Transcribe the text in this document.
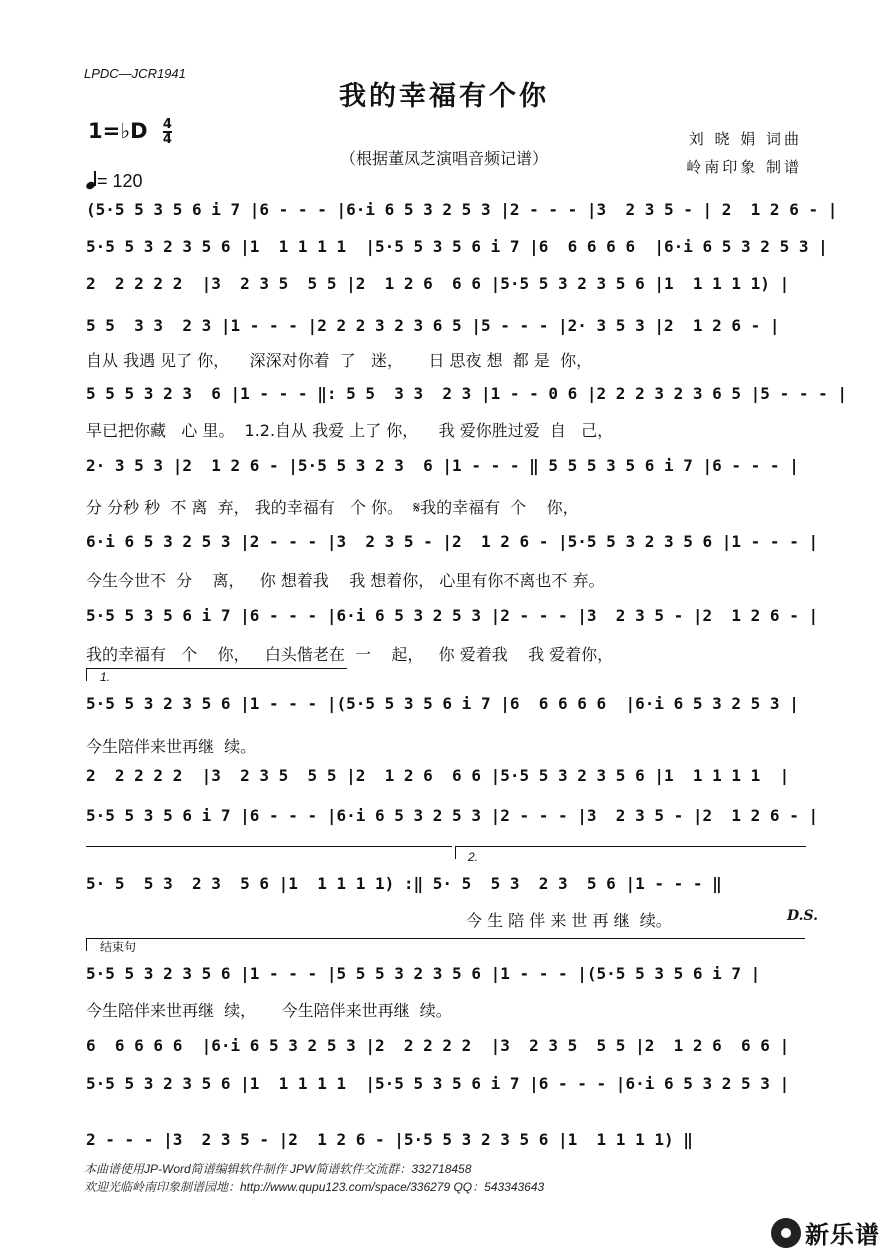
LPDC—JCR1941
我的幸福有个你
1=♭D $\frac{4}{4}$
（根据董凤芝演唱音频记谱）
刘 晓 娟 词曲
岭南印象 制谱
= 120
(5·5 5 3 5 6 i 7 |6 - - - |6·i 6 5 3 2 5 3 |2 - - - |3  2 3 5 - | 2  1 2 6 - |
5·5 5 3 2 3 5 6 |1  1 1 1 1  |5·5 5 3 5 6 i 7 |6  6 6 6 6  |6·i 6 5 3 2 5 3 |
2  2 2 2 2  |3  2 3 5  5 5 |2  1 2 6  6 6 |5·5 5 3 2 3 5 6 |1  1 1 1 1) |
5 5  3 3  2 3 |1 - - - |2 2 2 3 2 3 6 5 |5 - - - |2· 3 5 3 |2  1 2 6 - |
自从 我遇 见了 你，    深深对你着  了   迷，     日 思夜 想  都 是  你，
5 5 5 3 2 3  6 |1 - - - ‖: 5 5  3 3  2 3 |1 - - 0 6 |2 2 2 3 2 3 6 5 |5 - - - |
早已把你藏   心 里。  1.2.自从 我爱 上了 你，    我 爱你胜过爱  自   己，
2· 3 5 3 |2  1 2 6 - |5·5 5 3 2 3  6 |1 - - - ‖ 5 5 5 3 5 6 i 7 |6 - - - |
分 分秒 秒  不 离  弃， 我的幸福有   个 你。  𝄋我的幸福有  个    你，
6·i 6 5 3 2 5 3 |2 - - - |3  2 3 5 - |2  1 2 6 - |5·5 5 3 2 3 5 6 |1 - - - |
今生今世不  分    离，   你 想着我    我 想着你， 心里有你不离也不 弃。
5·5 5 3 5 6 i 7 |6 - - - |6·i 6 5 3 2 5 3 |2 - - - |3  2 3 5 - |2  1 2 6 - |
我的幸福有   个    你，   白头偕老在  一    起，   你 爱着我    我 爱着你，
1.
5·5 5 3 2 3 5 6 |1 - - - |(5·5 5 3 5 6 i 7 |6  6 6 6 6  |6·i 6 5 3 2 5 3 |
今生陪伴来世再继  续。
2  2 2 2 2  |3  2 3 5  5 5 |2  1 2 6  6 6 |5·5 5 3 2 3 5 6 |1  1 1 1 1  |
5·5 5 3 5 6 i 7 |6 - - - |6·i 6 5 3 2 5 3 |2 - - - |3  2 3 5 - |2  1 2 6 - |
2.
5· 5  5 3  2 3  5 6 |1  1 1 1 1) :‖ 5· 5  5 3  2 3  5 6 |1 - - - ‖
今 生 陪 伴 来 世 再 继  续。	D.S.
结束句
5·5 5 3 2 3 5 6 |1 - - - |5 5 5 3 2 3 5 6 |1 - - - |(5·5 5 3 5 6 i 7 |
今生陪伴来世再继  续，     今生陪伴来世再继  续。
6  6 6 6 6  |6·i 6 5 3 2 5 3 |2  2 2 2 2  |3  2 3 5  5 5 |2  1 2 6  6 6 |
5·5 5 3 2 3 5 6 |1  1 1 1 1  |5·5 5 3 5 6 i 7 |6 - - - |6·i 6 5 3 2 5 3 |
2 - - - |3  2 3 5 - |2  1 2 6 - |5·5 5 3 2 3 5 6 |1  1 1 1 1) ‖
本曲谱使用JP-Word简谱编辑软件制作 JPW简谱软件交流群：332718458
欢迎光临岭南印象制谱园地：http://www.qupu123.com/space/336279 QQ：543343643
新乐谱
